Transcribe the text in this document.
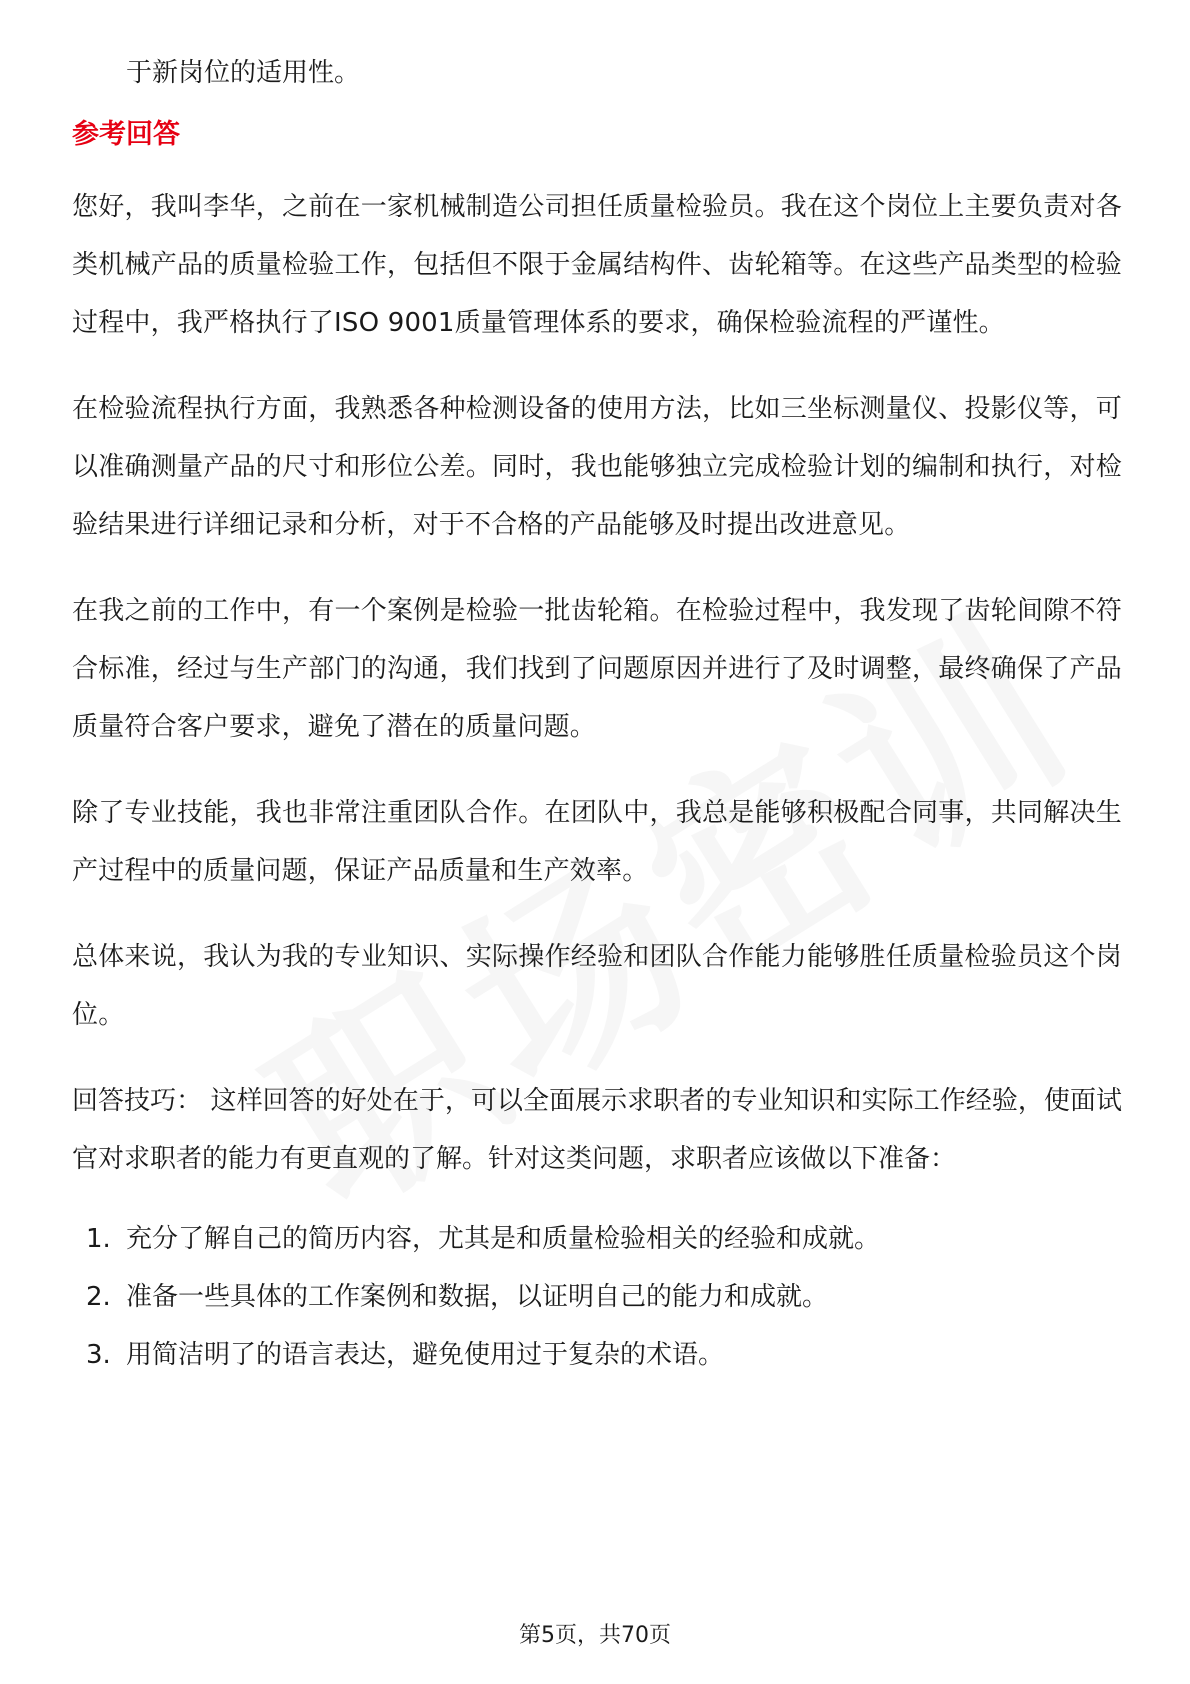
于新岗位的适用性。

参考回答

您好，我叫李华，之前在一家机械制造公司担任质量检验员。我在这个岗位上主要负责对各类机械产品的质量检验工作，包括但不限于金属结构件、齿轮箱等。在这些产品类型的检验过程中，我严格执行了ISO 9001质量管理体系的要求，确保检验流程的严谨性。

在检验流程执行方面，我熟悉各种检测设备的使用方法，比如三坐标测量仪、投影仪等，可以准确测量产品的尺寸和形位公差。同时，我也能够独立完成检验计划的编制和执行，对检验结果进行详细记录和分析，对于不合格的产品能够及时提出改进意见。

在我之前的工作中，有一个案例是检验一批齿轮箱。在检验过程中，我发现了齿轮间隙不符合标准，经过与生产部门的沟通，我们找到了问题原因并进行了及时调整，最终确保了产品质量符合客户要求，避免了潜在的质量问题。

除了专业技能，我也非常注重团队合作。在团队中，我总是能够积极配合同事，共同解决生产过程中的质量问题，保证产品质量和生产效率。

总体来说，我认为我的专业知识、实际操作经验和团队合作能力能够胜任质量检验员这个岗位。

回答技巧： 这样回答的好处在于，可以全面展示求职者的专业知识和实际工作经验，使面试官对求职者的能力有更直观的了解。针对这类问题，求职者应该做以下准备：

1. 充分了解自己的简历内容，尤其是和质量检验相关的经验和成就。
2. 准备一些具体的工作案例和数据，以证明自己的能力和成就。
3. 用简洁明了的语言表达，避免使用过于复杂的术语。
第5页，共70页
